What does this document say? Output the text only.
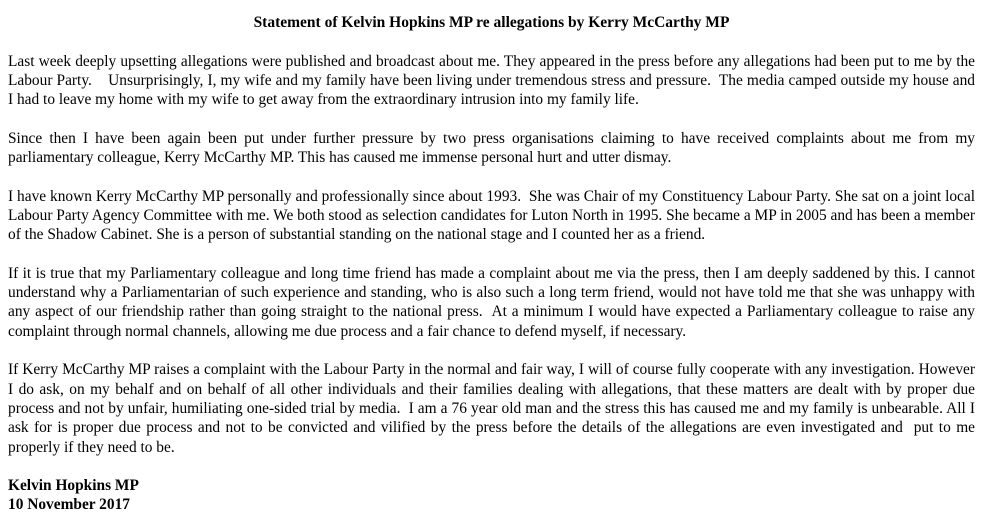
Statement of Kelvin Hopkins MP re allegations by Kerry McCarthy MP

Last week deeply upsetting allegations were published and broadcast about me. They appeared in the press before any allegations had been put to me by the Labour Party.    Unsurprisingly, I, my wife and my family have been living under tremendous stress and pressure.  The media camped outside my house and I had to leave my home with my wife to get away from the extraordinary intrusion into my family life.

Since then I have been again been put under further pressure by two press organisations claiming to have received complaints about me from my parliamentary colleague, Kerry McCarthy MP. This has caused me immense personal hurt and utter dismay.

I have known Kerry McCarthy MP personally and professionally since about 1993.  She was Chair of my Constituency Labour Party. She sat on a joint local Labour Party Agency Committee with me. We both stood as selection candidates for Luton North in 1995. She became a MP in 2005 and has been a member of the Shadow Cabinet. She is a person of substantial standing on the national stage and I counted her as a friend.

If it is true that my Parliamentary colleague and long time friend has made a complaint about me via the press, then I am deeply saddened by this. I cannot understand why a Parliamentarian of such experience and standing, who is also such a long term friend, would not have told me that she was unhappy with any aspect of our friendship rather than going straight to the national press.  At a minimum I would have expected a Parliamentary colleague to raise any complaint through normal channels, allowing me due process and a fair chance to defend myself, if necessary.

If Kerry McCarthy MP raises a complaint with the Labour Party in the normal and fair way, I will of course fully cooperate with any investigation. However I do ask, on my behalf and on behalf of all other individuals and their families dealing with allegations, that these matters are dealt with by proper due process and not by unfair, humiliating one-sided trial by media.  I am a 76 year old man and the stress this has caused me and my family is unbearable. All I ask for is proper due process and not to be convicted and vilified by the press before the details of the allegations are even investigated and  put to me properly if they need to be.

Kelvin Hopkins MP

10 November 2017
